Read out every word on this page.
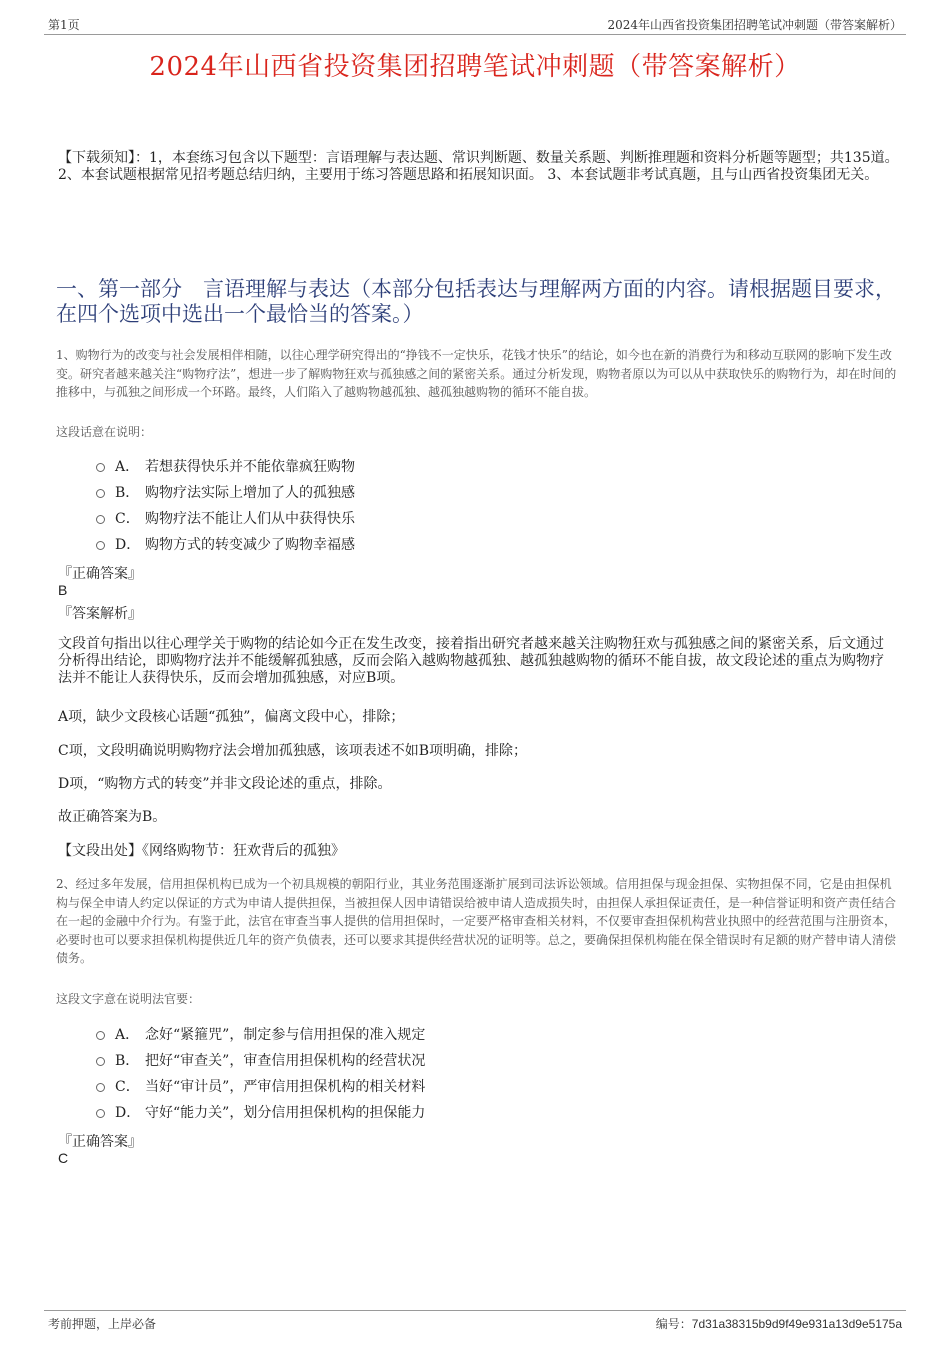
第1页	2024年山西省投资集团招聘笔试冲刺题（带答案解析）
2024年山西省投资集团招聘笔试冲刺题（带答案解析）
【下载须知】：1，本套练习包含以下题型：言语理解与表达题、常识判断题、数量关系题、判断推理题和资料分析题等题型；共135道。 2、本套试题根据常见招考题总结归纳，主要用于练习答题思路和拓展知识面。 3、本套试题非考试真题，且与山西省投资集团无关。
一、第一部分　言语理解与表达（本部分包括表达与理解两方面的内容。请根据题目要求，在四个选项中选出一个最恰当的答案。）
1、购物行为的改变与社会发展相伴相随，以往心理学研究得出的“挣钱不一定快乐，花钱才快乐”的结论，如今也在新的消费行为和移动互联网的影响下发生改变。研究者越来越关注“购物疗法”，想进一步了解购物狂欢与孤独感之间的紧密关系。通过分析发现，购物者原以为可以从中获取快乐的购物行为，却在时间的推移中，与孤独之间形成一个环路。最终，人们陷入了越购物越孤独、越孤独越购物的循环不能自拔。
这段话意在说明：
A． 若想获得快乐并不能依靠疯狂购物
B． 购物疗法实际上增加了人的孤独感
C． 购物疗法不能让人们从中获得快乐
D． 购物方式的转变减少了购物幸福感
『正确答案』
B
『答案解析』
文段首句指出以往心理学关于购物的结论如今正在发生改变，接着指出研究者越来越关注购物狂欢与孤独感之间的紧密关系，后文通过分析得出结论，即购物疗法并不能缓解孤独感，反而会陷入越购物越孤独、越孤独越购物的循环不能自拔，故文段论述的重点为购物疗法并不能让人获得快乐，反而会增加孤独感，对应B项。
A项，缺少文段核心话题“孤独”，偏离文段中心，排除；
C项，文段明确说明购物疗法会增加孤独感，该项表述不如B项明确，排除；
D项，“购物方式的转变”并非文段论述的重点，排除。
故正确答案为B。
【文段出处】《网络购物节：狂欢背后的孤独》
2、经过多年发展，信用担保机构已成为一个初具规模的朝阳行业，其业务范围逐渐扩展到司法诉讼领域。信用担保与现金担保、实物担保不同，它是由担保机构与保全申请人约定以保证的方式为申请人提供担保，当被担保人因申请错误给被申请人造成损失时，由担保人承担保证责任，是一种信誉证明和资产责任结合在一起的金融中介行为。有鉴于此，法官在审查当事人提供的信用担保时，一定要严格审查相关材料，不仅要审查担保机构营业执照中的经营范围与注册资本，必要时也可以要求担保机构提供近几年的资产负债表，还可以要求其提供经营状况的证明等。总之，要确保担保机构能在保全错误时有足额的财产替申请人清偿债务。
这段文字意在说明法官要：
A． 念好“紧箍咒”，制定参与信用担保的准入规定
B． 把好“审查关”，审查信用担保机构的经营状况
C． 当好“审计员”，严审信用担保机构的相关材料
D． 守好“能力关”，划分信用担保机构的担保能力
『正确答案』
C
考前押题，上岸必备	编号：7d31a38315b9d9f49e931a13d9e5175a
